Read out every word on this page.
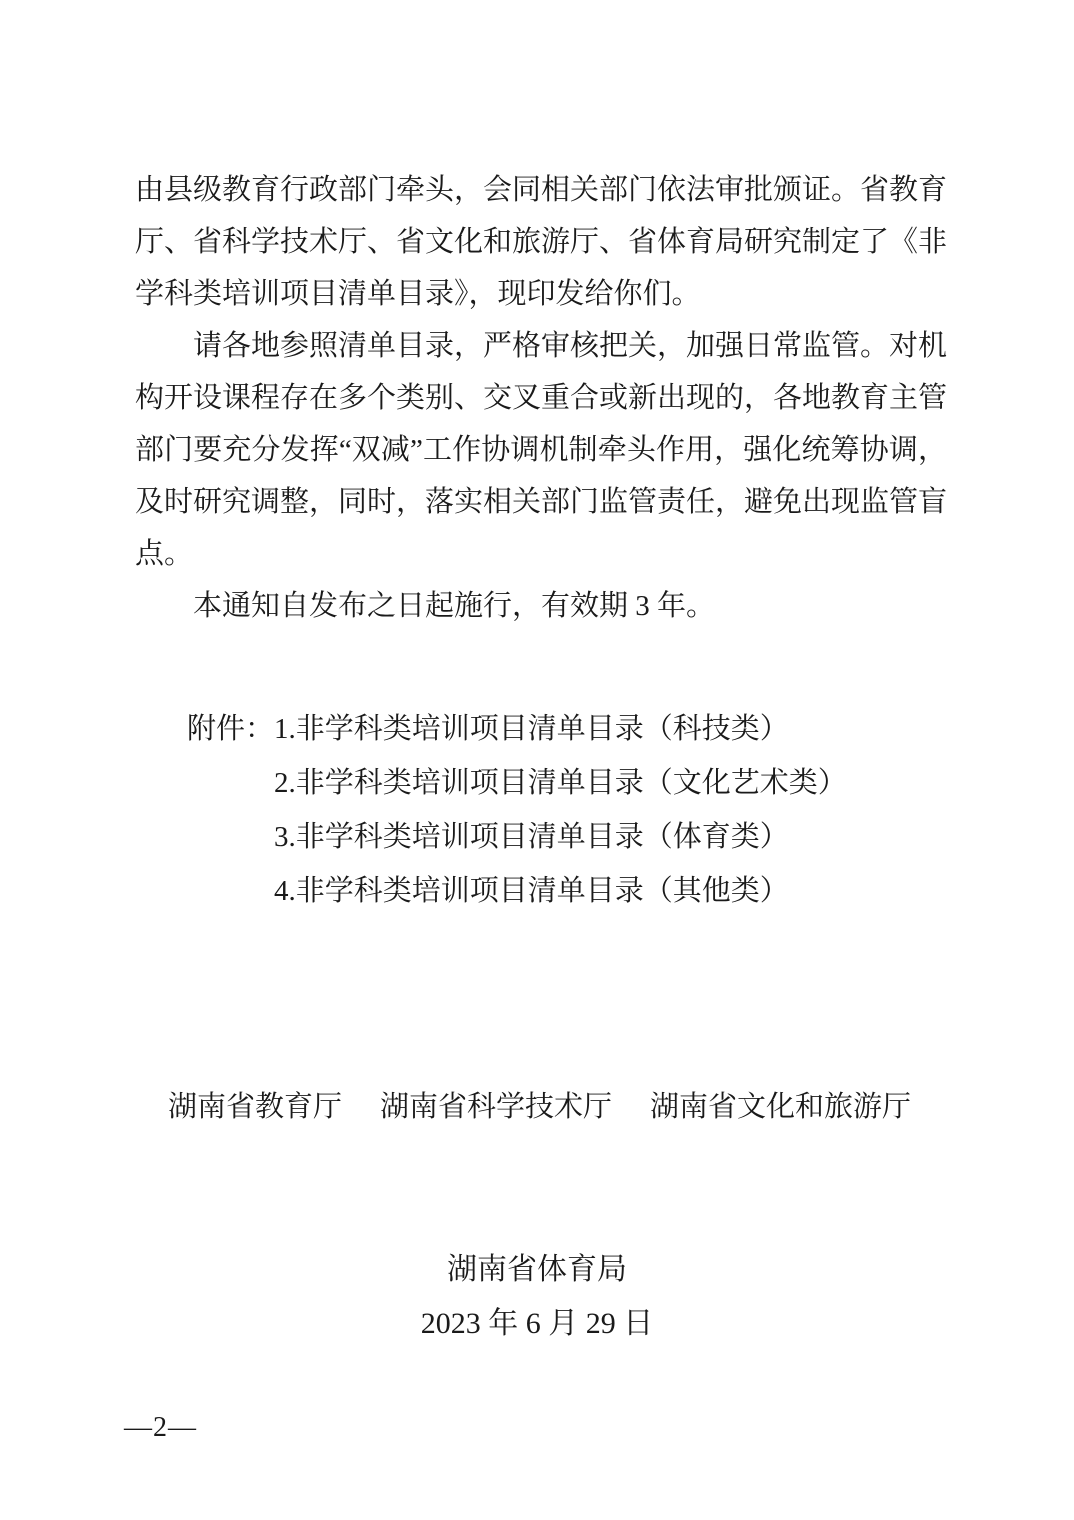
由县级教育行政部门牵头，会同相关部门依法审批颁证。省教育
厅、省科学技术厅、省文化和旅游厅、省体育局研究制定了《非
学科类培训项目清单目录》，现印发给你们。
请各地参照清单目录，严格审核把关，加强日常监管。对机
构开设课程存在多个类别、交叉重合或新出现的，各地教育主管
部门要充分发挥“双减”工作协调机制牵头作用，强化统筹协调，
及时研究调整，同时，落实相关部门监管责任，避免出现监管盲
点。
本通知自发布之日起施行，有效期 3 年。
附件： 1.非学科类培训项目清单目录（科技类）
2.非学科类培训项目清单目录（文化艺术类）
3.非学科类培训项目清单目录（体育类）
4.非学科类培训项目清单目录（其他类）
湖南省教育厅 湖南省科学技术厅 湖南省文化和旅游厅
湖南省体育局
2023 年 6 月 29 日
—2—
